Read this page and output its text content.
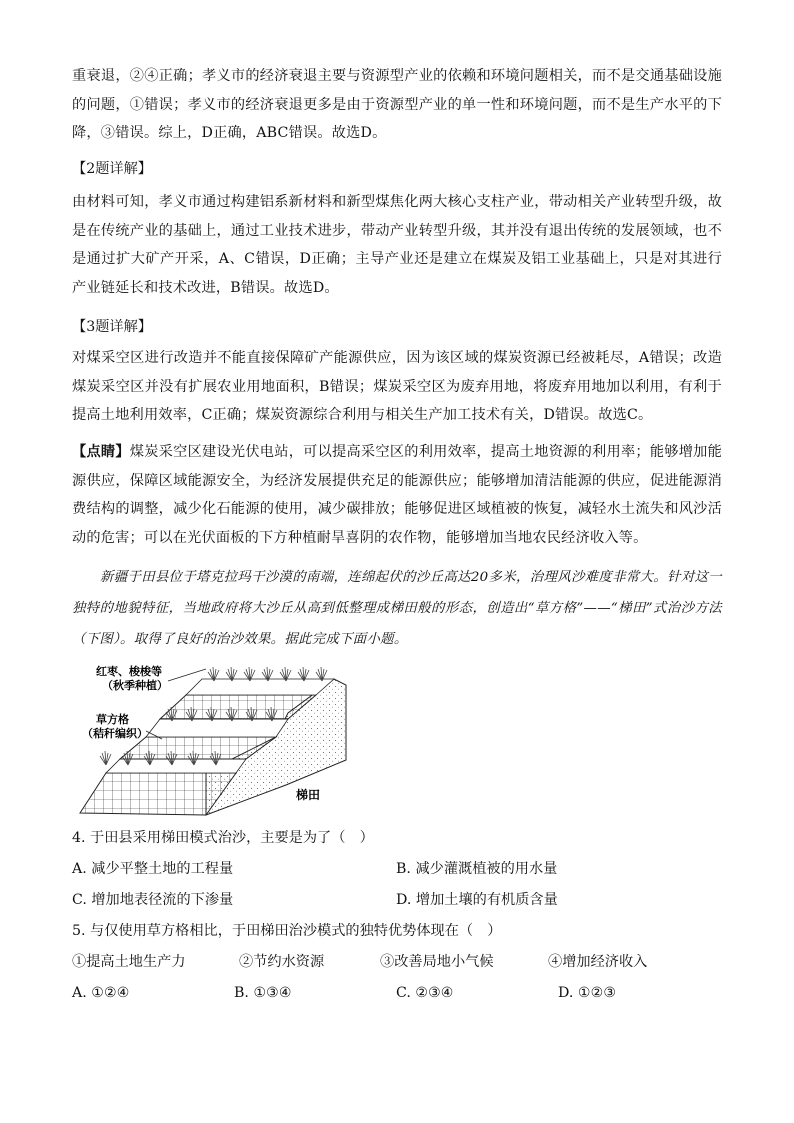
重衰退，②④正确；孝义市的经济衰退主要与资源型产业的依赖和环境问题相关，而不是交通基础设施的问题，①错误；孝义市的经济衰退更多是由于资源型产业的单一性和环境问题，而不是生产水平的下降，③错误。综上，D正确，ABC错误。故选D。

【2题详解】

由材料可知，孝义市通过构建铝系新材料和新型煤焦化两大核心支柱产业，带动相关产业转型升级，故是在传统产业的基础上，通过工业技术进步，带动产业转型升级，其并没有退出传统的发展领域，也不是通过扩大矿产开采，A、C错误，D正确；主导产业还是建立在煤炭及铝工业基础上，只是对其进行产业链延长和技术改进，B错误。故选D。

【3题详解】

对煤采空区进行改造并不能直接保障矿产能源供应，因为该区域的煤炭资源已经被耗尽，A错误；改造煤炭采空区并没有扩展农业用地面积，B错误；煤炭采空区为废弃用地，将废弃用地加以利用，有利于提高土地利用效率，C正确；煤炭资源综合利用与相关生产加工技术有关，D错误。故选C。

【点睛】煤炭采空区建设光伏电站，可以提高采空区的利用效率，提高土地资源的利用率；能够增加能源供应，保障区域能源安全，为经济发展提供充足的能源供应；能够增加清洁能源的供应，促进能源消费结构的调整，减少化石能源的使用，减少碳排放；能够促进区域植被的恢复，减轻水土流失和风沙活动的危害；可以在光伏面板的下方种植耐旱喜阴的农作物，能够增加当地农民经济收入等。

新疆于田县位于塔克拉玛干沙漠的南端，连绵起伏的沙丘高达20多米，治理风沙难度非常大。针对这一独特的地貌特征，当地政府将大沙丘从高到低整理成梯田般的形态，创造出“草方格”——“梯田”式治沙方法（下图）。取得了良好的治沙效果。据此完成下面小题。

红枣、梭梭等
（秋季种植）
草方格
（秸秆编织）
梯田

4. 于田县采用梯田模式治沙，主要是为了（　）

A. 减少平整土地的工程量	B. 减少灌溉植被的用水量

C. 增加地表径流的下渗量	D. 增加土壤的有机质含量

5. 与仅使用草方格相比，于田梯田治沙模式的独特优势体现在（　）

①提高土地生产力	②节约水资源	③改善局地小气候	④增加经济收入

A. ①②④	B. ①③④	C. ②③④	D. ①②③
